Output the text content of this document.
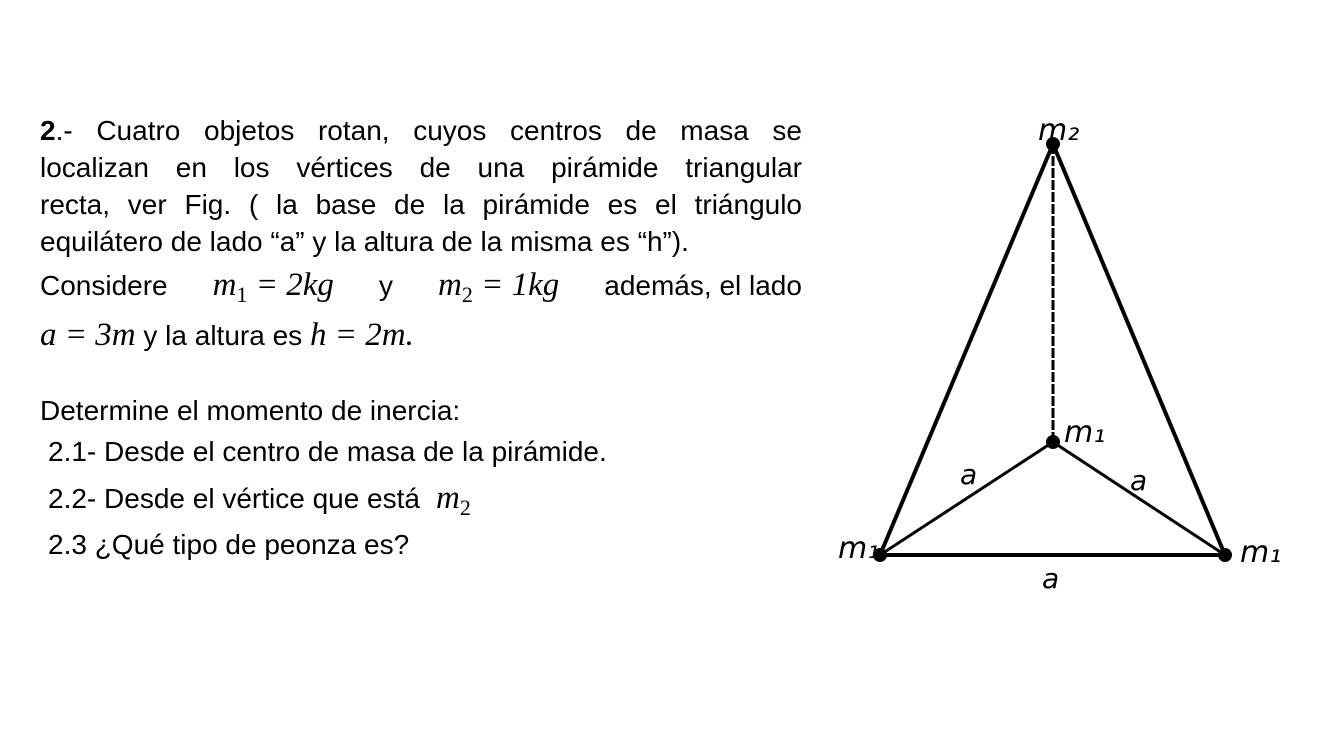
2.- Cuatro objetos rotan, cuyos centros de masa se

localizan en los vértices de una pirámide triangular

recta, ver Fig. ( la base de la pirámide es el triángulo

equilátero de lado “a” y la altura de la misma es “h”).

Considere $m_1 = 2kg$ y $m_2 = 1kg$ además, el lado

a = 3m y la altura es h = 2m.

Determine el momento de inercia:

2.1- Desde el centro de masa de la pirámide.

2.2- Desde el vértice que está  $m_2$

2.3 ¿Qué tipo de peonza es?

m₂
m₁
m₁	m₁
a	a
a
